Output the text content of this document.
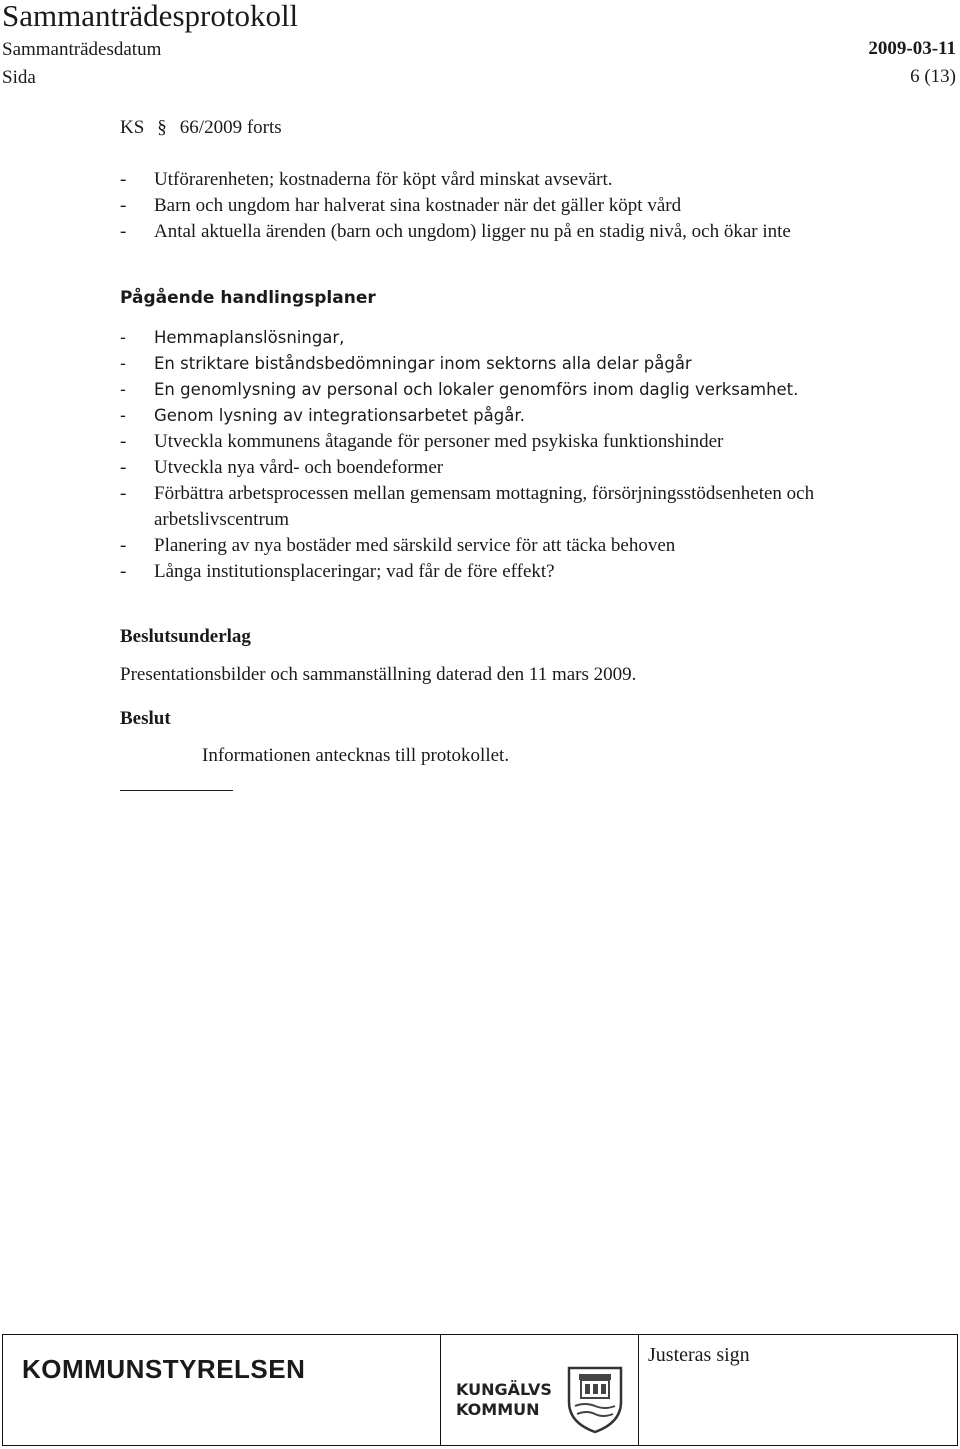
Sammanträdesprotokoll
Sammanträdesdatum	2009-03-11
Sida	6 (13)
KS § 66/2009 forts
- Utförarenheten; kostnaderna för köpt vård minskat avsevärt.
- Barn och ungdom har halverat sina kostnader när det gäller köpt vård
- Antal aktuella ärenden (barn och ungdom) ligger nu på en stadig nivå, och ökar inte
Pågående handlingsplaner
- Hemmaplanslösningar,
- En striktare biståndsbedömningar inom sektorns alla delar pågår
- En genomlysning av personal och lokaler genomförs inom daglig verksamhet.
- Genom lysning av integrationsarbetet pågår.
- Utveckla kommunens åtagande för personer med psykiska funktionshinder
- Utveckla nya vård- och boendeformer
- Förbättra arbetsprocessen mellan gemensam mottagning, försörjningsstödsenheten och arbetslivscentrum
- Planering av nya bostäder med särskild service för att täcka behoven
- Långa institutionsplaceringar; vad får de före effekt?
Beslutsunderlag
Presentationsbilder och sammanställning daterad den 11 mars 2009.
Beslut
Informationen antecknas till protokollet.
KOMMUNSTYRELSEN
KUNGÄLVS
KOMMUN
Justeras sign
